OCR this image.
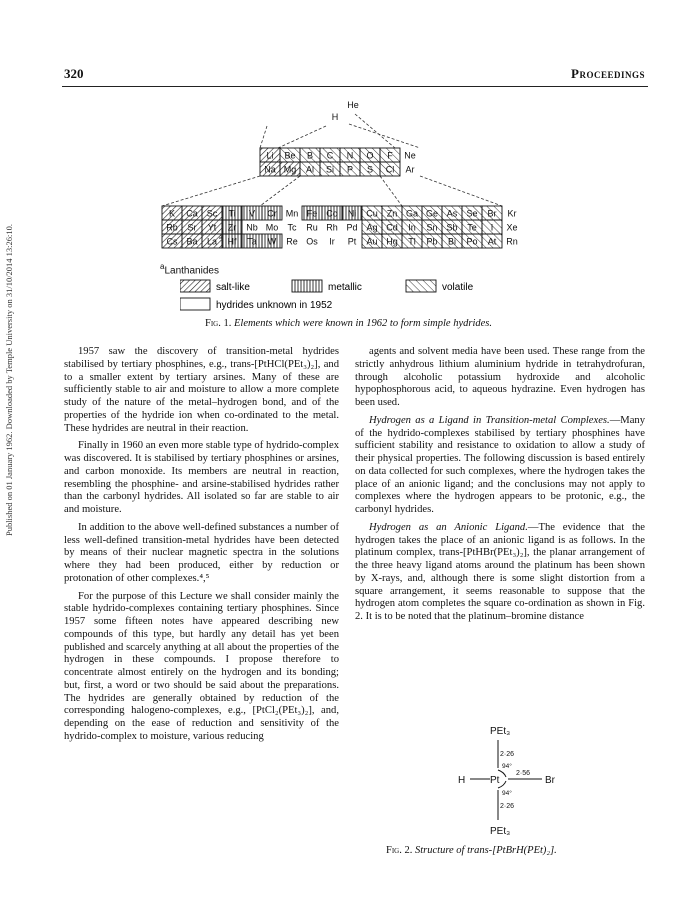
320	Proceedings
Published on 01 January 1962. Downloaded by Temple University on 31/10/2014 13:26:10.
H
He
Li Be B C N O F Ne
Na Mg Al Si P S Cl Ar
K Ca Sc Ti V Cr Mn Fe Co Ni Cu Zn Ga Ge As Se Br Kr
Rb Sr Yt Zr Nb Mo Tc Ru Rh Pd Ag Cd In Sn Sb Te I Xe
Cs Ba La a Hf Ta W Re Os Ir Pt Au Hg Tl Pb Bi Po At Rn
Fig. 1. Elements which were known in 1962 to form simple hydrides.

1957 saw the discovery of transition-metal hydrides stabilised by tertiary phosphines, e.g., trans-[PtHCl(PEt₃)₂], and to a smaller extent by tertiary arsines. Many of these are sufficiently stable to air and moisture to allow a more complete study of the nature of the metal–hydrogen bond, and of the properties of the hydride ion when co-ordinated to the metal. These hydrides are neutral in their reaction.

Finally in 1960 an even more stable type of hydrido-complex was discovered. It is stabilised by tertiary phosphines or arsines, and carbon monoxide. Its members are neutral in reaction, resembling the phosphine- and arsine-stabilised hydrides rather than the carbonyl hydrides. All isolated so far are stable to air and moisture.

In addition to the above well-defined substances a number of less well-defined transition-metal hydrides have been detected by means of their nuclear magnetic spectra in the solutions where they had been produced, either by reduction or protonation of other complexes.⁴,⁵

For the purpose of this Lecture we shall consider mainly the stable hydrido-complexes containing tertiary phosphines. Since 1957 some fifteen notes have appeared describing new compounds of this type, but hardly any detail has yet been published and scarcely anything at all about the properties of the hydrogen in these compounds. I propose therefore to concentrate almost entirely on the hydrogen and its bonding; but, first, a word or two should be said about the preparations. The hydrides are generally obtained by reduction of the corresponding halogeno-complexes, e.g., [PtCl₂(PEt₃)₂], and, depending on the ease of reduction and sensitivity of the hydrido-complex to moisture, various reducing

agents and solvent media have been used. These range from the strictly anhydrous lithium aluminium hydride in tetrahydrofuran, through alcoholic potassium hydroxide and alcoholic hypophosphorous acid, to aqueous hydrazine. Even hydrogen has been used.

Hydrogen as a Ligand in Transition-metal Complexes.—Many of the hydrido-complexes stabilised by tertiary phosphines have sufficient stability and resistance to oxidation to allow a study of their physical properties. The following discussion is based entirely on data collected for such complexes, where the hydrogen takes the place of an anionic ligand; and the conclusions may not apply to complexes where the hydrogen appears to be protonic, e.g., the carbonyl hydrides.

Hydrogen as an Anionic Ligand.—The evidence that the hydrogen takes the place of an anionic ligand is as follows. In the platinum complex, trans-[PtHBr(PEt₃)₂], the planar arrangement of the three heavy ligand atoms around the platinum has been shown by X-rays, and, although there is some slight distortion from a square arrangement, it seems reasonable to suppose that the hydrogen atom completes the square co-ordination as shown in Fig. 2. It is to be noted that the platinum–bromine distance

PEt₃
PEt₃
H Pt	Br
2·26
2·26
2·56
94°
94°
Fig. 2. Structure of trans-[PtBrH(PEt)₂].
$^a$Lanthanides
salt-like	metallic	volatile
hydrides unknown in 1952
